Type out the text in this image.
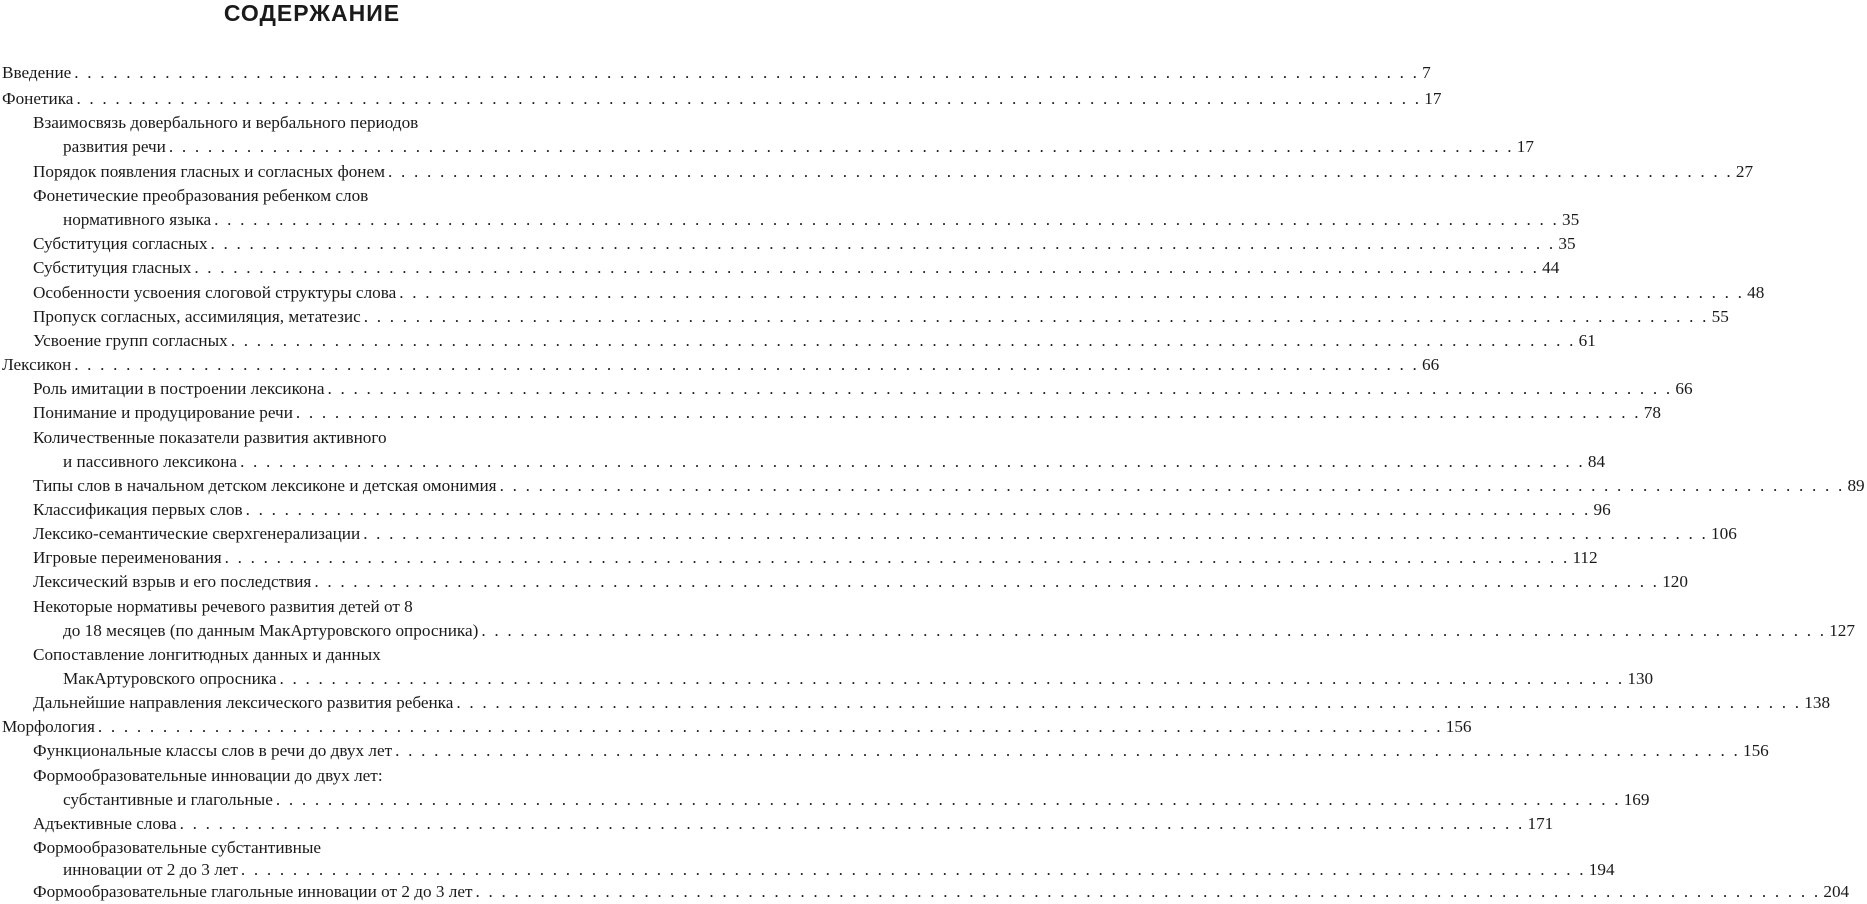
СОДЕРЖАНИЕ
Введение . . .	7
Фонетика . . .	17
Взаимосвязь довербального и вербального периодов
развития речи . . .	17
Порядок появления гласных и согласных фонем . . .	27
Фонетические преобразования ребенком слов
нормативного языка . . .	35
Субституция согласных . . .	35
Субституция гласных . . .	44
Особенности усвоения слоговой структуры слова . . .	48
Пропуск согласных, ассимиляция, метатезис . . .	55
Усвоение групп согласных . . .	61
Лексикон . . .	66
Роль имитации в построении лексикона . . .	66
Понимание и продуцирование речи . . .	78
Количественные показатели развития активного
и пассивного лексикона . . .	84
Типы слов в начальном детском лексиконе и детская омонимия . . .	89
Классификация первых слов . . .	96
Лексико-семантические сверхгенерализации . . .	106
Игровые переименования . . .	112
Лексический взрыв и его последствия . . .	120
Некоторые нормативы речевого развития детей от 8
до 18 месяцев (по данным МакАртуровского опросника) . . .	127
Сопоставление лонгитюдных данных и данных
МакАртуровского опросника . . .	130
Дальнейшие направления лексического развития ребенка . . .	138
Морфология . . .	156
Функциональные классы слов в речи до двух лет . . .	156
Формообразовательные инновации до двух лет:
субстантивные и глагольные . . .	169
Адъективные слова . . .	171
Формообразовательные субстантивные
инновации от 2 до 3 лет . . .	194
Формообразовательные глагольные инновации от 2 до 3 лет . . .	204
